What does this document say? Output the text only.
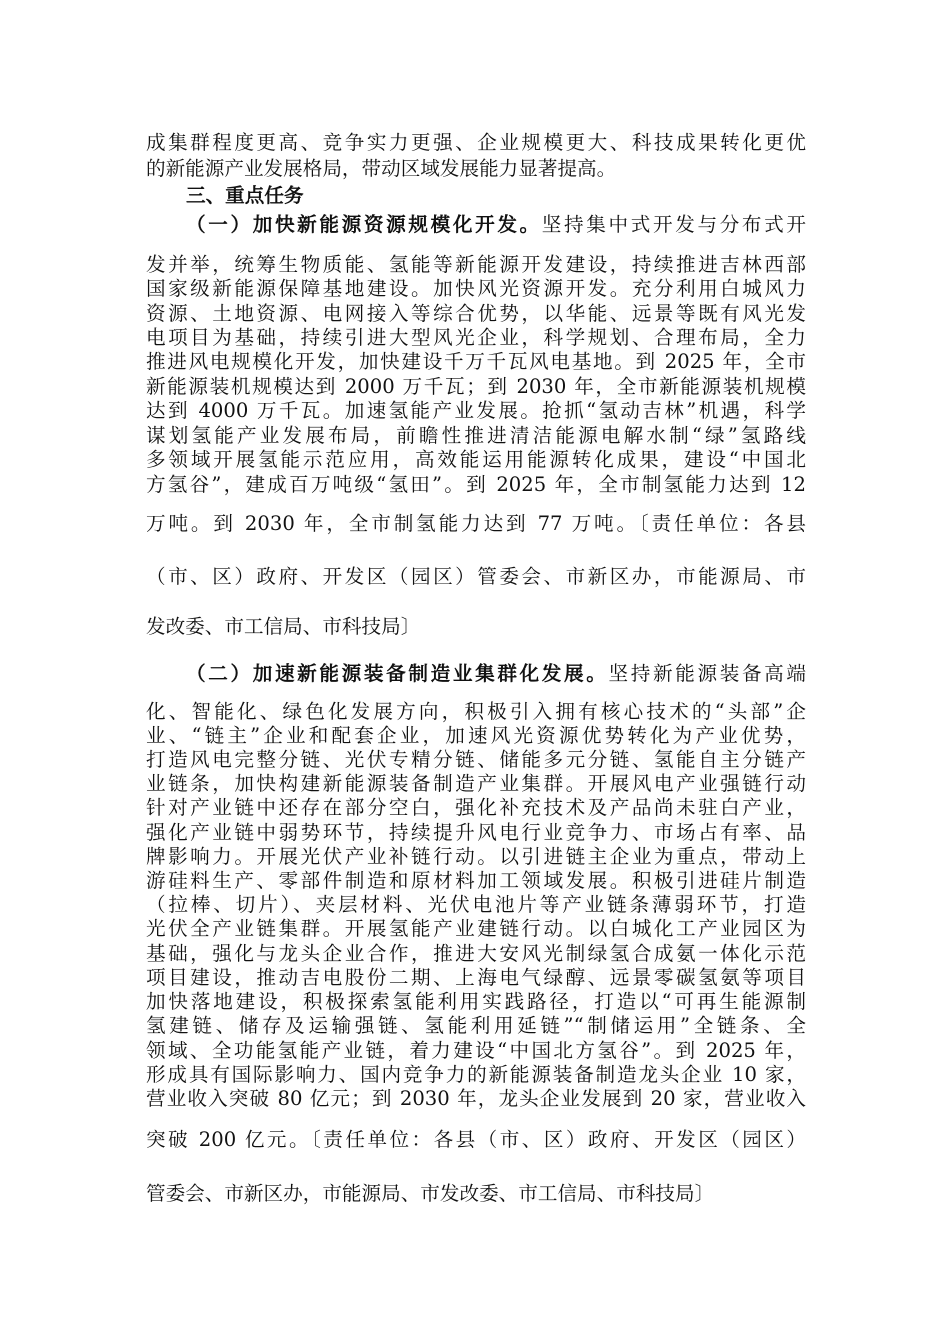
成集群程度更高、竞争实力更强、企业规模更大、科技成果转化更优
的新能源产业发展格局，带动区域发展能力显著提高。
三、重点任务
（一）加快新能源资源规模化开发。坚持集中式开发与分布式开
发并举，统筹生物质能、氢能等新能源开发建设，持续推进吉林西部
国家级新能源保障基地建设。加快风光资源开发。充分利用白城风力
资源、土地资源、电网接入等综合优势，以华能、远景等既有风光发
电项目为基础，持续引进大型风光企业，科学规划、合理布局，全力
推进风电规模化开发，加快建设千万千瓦风电基地。到 2025 年，全市
新能源装机规模达到 2000 万千瓦；到 2030 年，全市新能源装机规模
达到 4000 万千瓦。加速氢能产业发展。抢抓“氢动吉林”机遇，科学
谋划氢能产业发展布局，前瞻性推进清洁能源电解水制“绿”氢路线
多领域开展氢能示范应用，高效能运用能源转化成果，建设“中国北
方氢谷”，建成百万吨级“氢田”。到 2025 年，全市制氢能力达到 12
万吨。到 2030 年，全市制氢能力达到 77 万吨。〔责任单位：各县
（市、区）政府、开发区（园区）管委会、市新区办，市能源局、市
发改委、市工信局、市科技局〕
（二）加速新能源装备制造业集群化发展。坚持新能源装备高端
化、智能化、绿色化发展方向，积极引入拥有核心技术的“头部”企
业、“链主”企业和配套企业，加速风光资源优势转化为产业优势，
打造风电完整分链、光伏专精分链、储能多元分链、氢能自主分链产
业链条，加快构建新能源装备制造产业集群。开展风电产业强链行动
针对产业链中还存在部分空白，强化补充技术及产品尚未驻白产业，
强化产业链中弱势环节，持续提升风电行业竞争力、市场占有率、品
牌影响力。开展光伏产业补链行动。以引进链主企业为重点，带动上
游硅料生产、零部件制造和原材料加工领域发展。积极引进硅片制造
（拉棒、切片）、夹层材料、光伏电池片等产业链条薄弱环节，打造
光伏全产业链集群。开展氢能产业建链行动。以白城化工产业园区为
基础，强化与龙头企业合作，推进大安风光制绿氢合成氨一体化示范
项目建设，推动吉电股份二期、上海电气绿醇、远景零碳氢氨等项目
加快落地建设，积极探索氢能利用实践路径，打造以“可再生能源制
氢建链、储存及运输强链、氢能利用延链”“制储运用”全链条、全
领域、全功能氢能产业链，着力建设“中国北方氢谷”。到 2025 年，
形成具有国际影响力、国内竞争力的新能源装备制造龙头企业 10 家，
营业收入突破 80 亿元；到 2030 年，龙头企业发展到 20 家，营业收入
突破 200 亿元。〔责任单位：各县（市、区）政府、开发区（园区）
管委会、市新区办，市能源局、市发改委、市工信局、市科技局〕
